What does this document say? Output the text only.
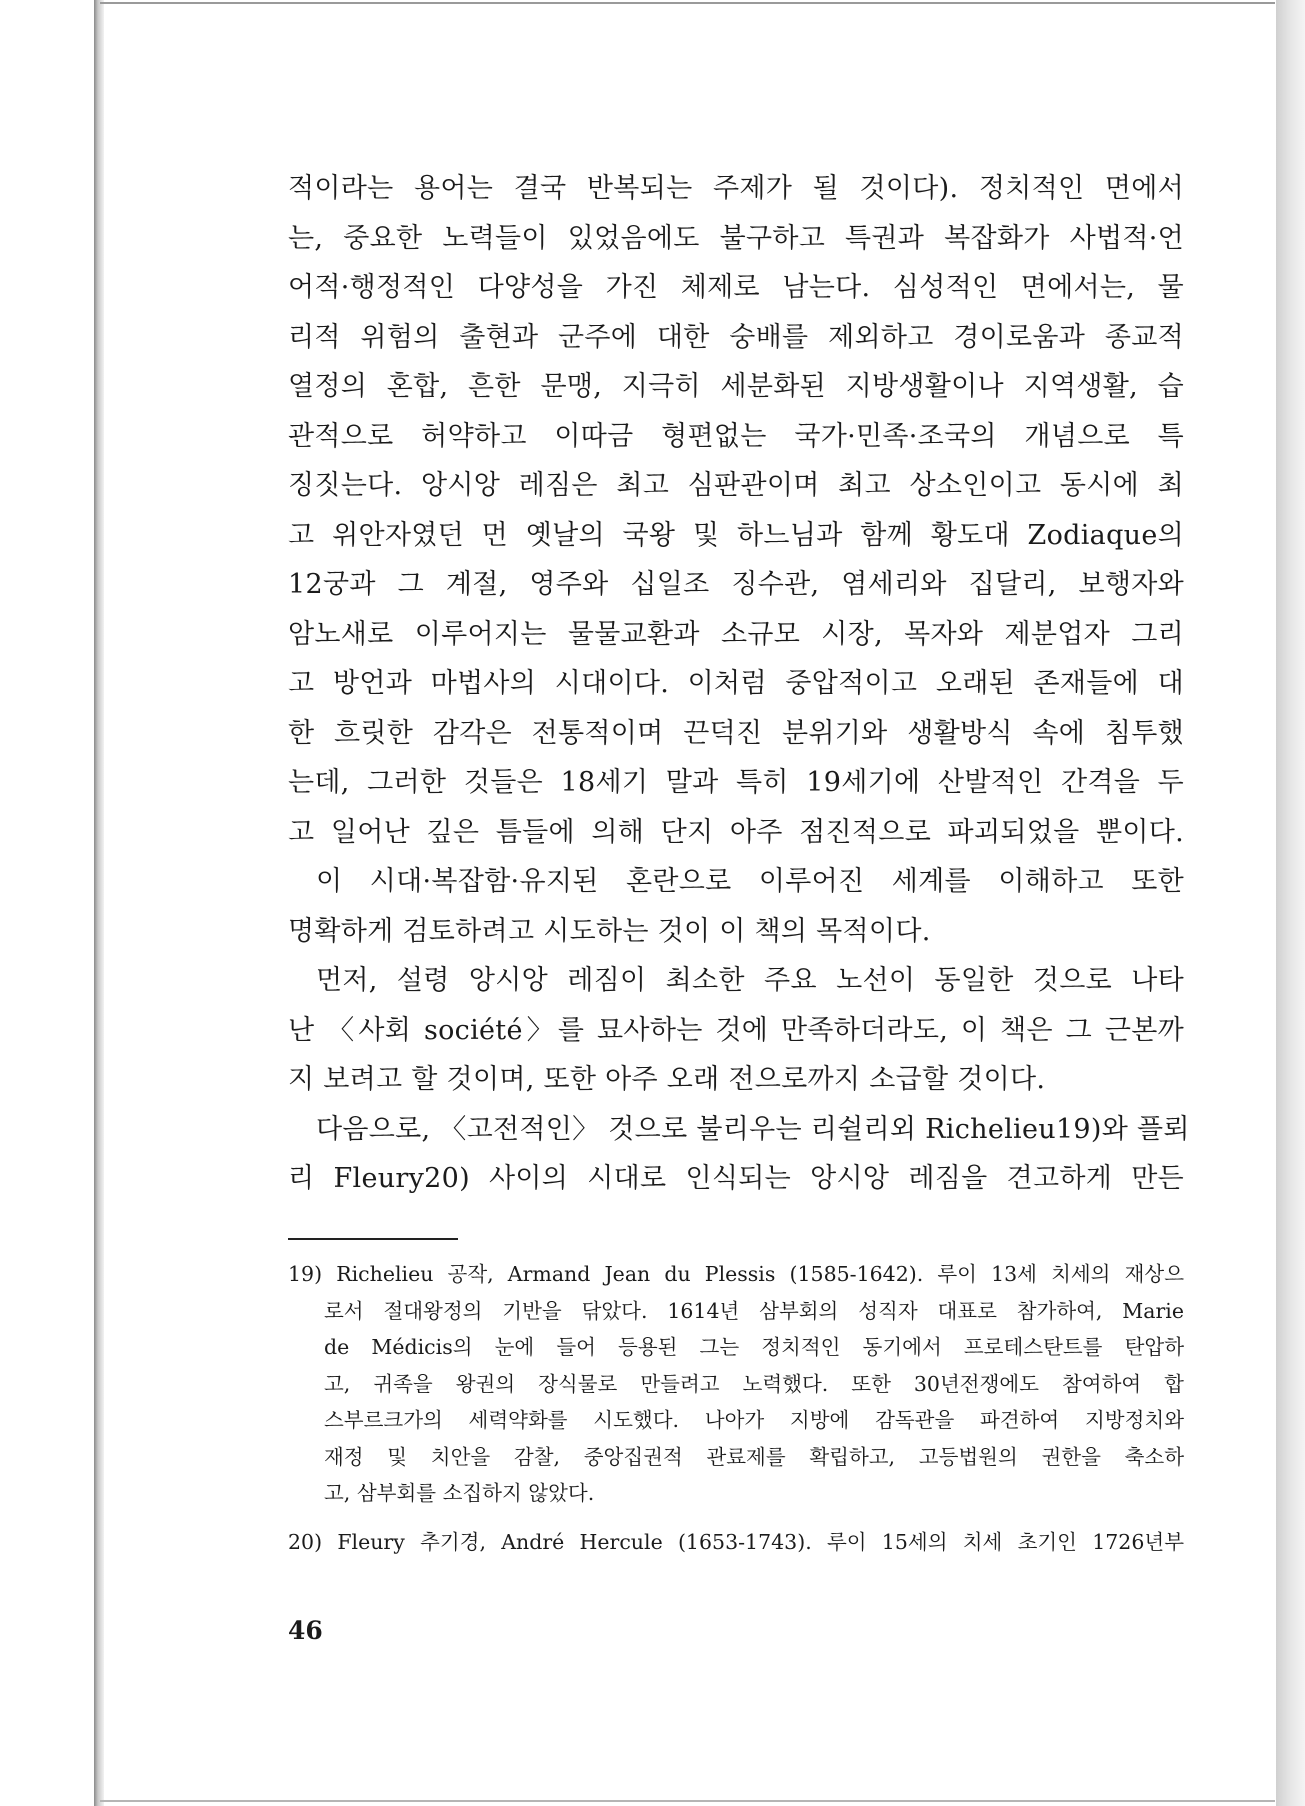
적이라는 용어는 결국 반복되는 주제가 될 것이다). 정치적인 면에서
는, 중요한 노력들이 있었음에도 불구하고 특권과 복잡화가 사법적·언
어적·행정적인 다양성을 가진 체제로 남는다. 심성적인 면에서는, 물
리적 위험의 출현과 군주에 대한 숭배를 제외하고 경이로움과 종교적
열정의 혼합, 흔한 문맹, 지극히 세분화된 지방생활이나 지역생활, 습
관적으로 허약하고 이따금 형편없는 국가·민족·조국의 개념으로 특
징짓는다. 앙시앙 레짐은 최고 심판관이며 최고 상소인이고 동시에 최
고 위안자였던 먼 옛날의 국왕 및 하느님과 함께 황도대 Zodiaque의
12궁과 그 계절, 영주와 십일조 징수관, 염세리와 집달리, 보행자와
암노새로 이루어지는 물물교환과 소규모 시장, 목자와 제분업자 그리
고 방언과 마법사의 시대이다. 이처럼 중압적이고 오래된 존재들에 대
한 흐릿한 감각은 전통적이며 끈덕진 분위기와 생활방식 속에 침투했
는데, 그러한 것들은 18세기 말과 특히 19세기에 산발적인 간격을 두
고 일어난 깊은 틈들에 의해 단지 아주 점진적으로 파괴되었을 뿐이다.
이 시대·복잡함·유지된 혼란으로 이루어진 세계를 이해하고 또한
명확하게 검토하려고 시도하는 것이 이 책의 목적이다.
먼저, 설령 앙시앙 레짐이 최소한 주요 노선이 동일한 것으로 나타
난 〈사회 société〉를 묘사하는 것에 만족하더라도, 이 책은 그 근본까
지 보려고 할 것이며, 또한 아주 오래 전으로까지 소급할 것이다.
다음으로, 〈고전적인〉 것으로 불리우는 리쉴리외 Richelieu19)와 플뢰
리 Fleury20) 사이의 시대로 인식되는 앙시앙 레짐을 견고하게 만든
19) Richelieu 공작, Armand Jean du Plessis (1585-1642). 루이 13세 치세의 재상으
로서 절대왕정의 기반을 닦았다. 1614년 삼부회의 성직자 대표로 참가하여, Marie
de Médicis의 눈에 들어 등용된 그는 정치적인 동기에서 프로테스탄트를 탄압하
고, 귀족을 왕권의 장식물로 만들려고 노력했다. 또한 30년전쟁에도 참여하여 합
스부르크가의 세력약화를 시도했다. 나아가 지방에 감독관을 파견하여 지방정치와
재정 및 치안을 감찰, 중앙집권적 관료제를 확립하고, 고등법원의 권한을 축소하
고, 삼부회를 소집하지 않았다.
20) Fleury 추기경, André Hercule (1653-1743). 루이 15세의 치세 초기인 1726년부
46
